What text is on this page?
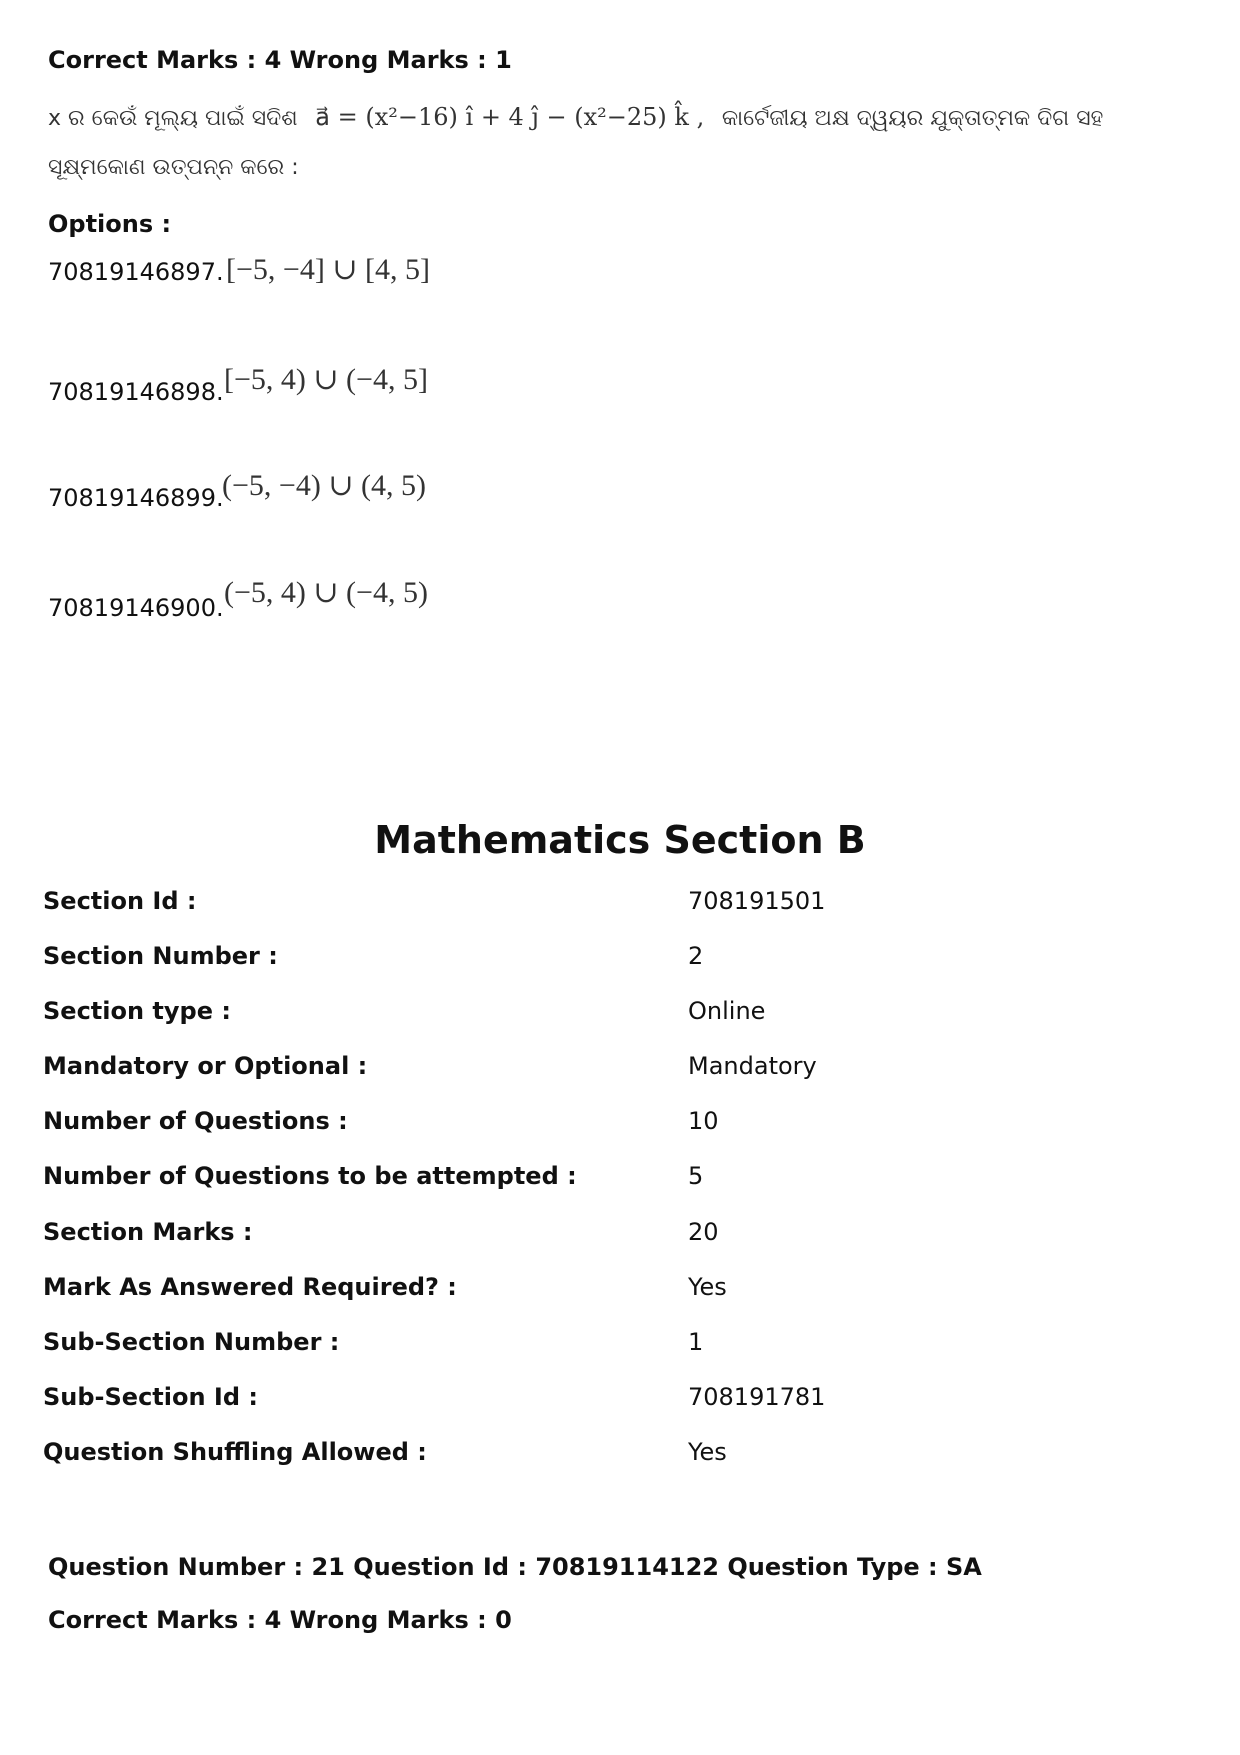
Correct Marks : 4 Wrong Marks : 1
x ର କେଉଁ ମୂଲ୍ୟ ପାଇଁ ସଦିଶ a⃗ = (x²−16) î + 4 ĵ − (x²−25) k̂ , କାର୍ଟେଜୀୟ ଅକ୍ଷ ଦ୍ୱୟର ଯୁକ୍ତାତ୍ମକ ଦିଗ ସହ
ସୂକ୍ଷ୍ମକୋଣ ଉତ୍ପନ୍ନ କରେ :
Options :
70819146897. [−5, −4] ∪ [4, 5]
70819146898. [−5, 4) ∪ (−4, 5]
70819146899.
(−5, −4) ∪ (4, 5)
70819146900. (−5, 4) ∪ (−4, 5)
Mathematics Section B
Section Id :	708191501
Section Number :	2
Section type :	Online
Mandatory or Optional :	Mandatory
Number of Questions :	10
Number of Questions to be attempted :	5
Section Marks :	20
Mark As Answered Required? :	Yes
Sub-Section Number :	1
Sub-Section Id :	708191781
Question Shuffling Allowed :	Yes
Question Number : 21 Question Id : 70819114122 Question Type : SA
Correct Marks : 4 Wrong Marks : 0
